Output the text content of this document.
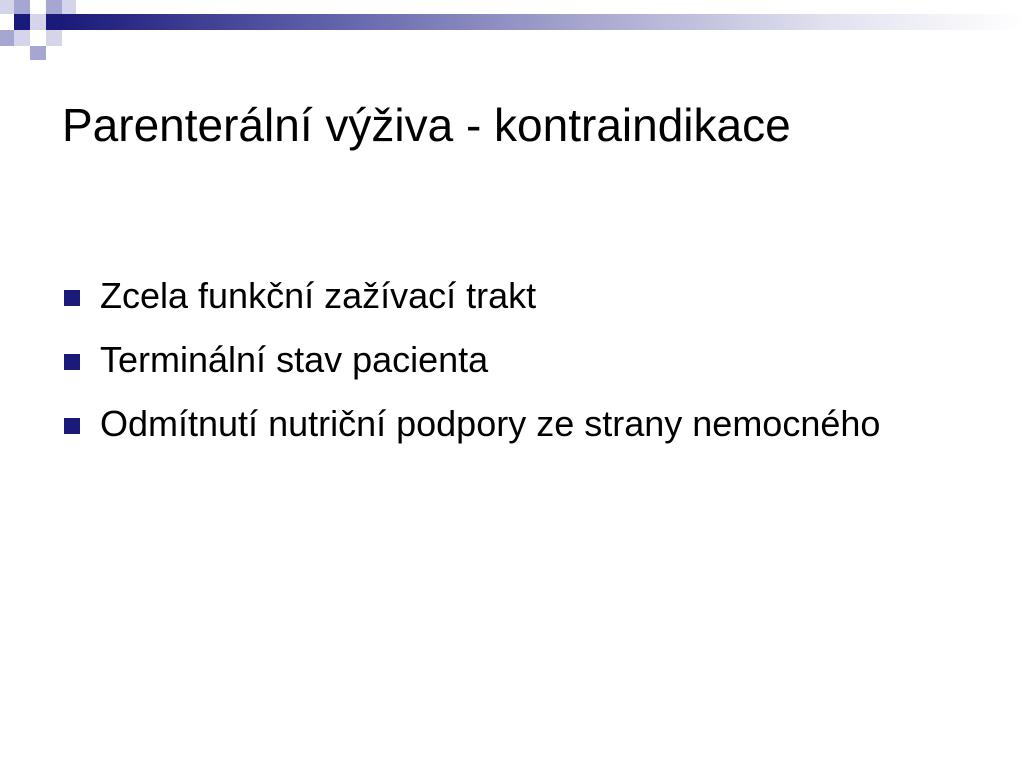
Parenterální výživa - kontraindikace
Zcela funkční zažívací trakt
Terminální stav pacienta
Odmítnutí nutriční podpory ze strany nemocného
